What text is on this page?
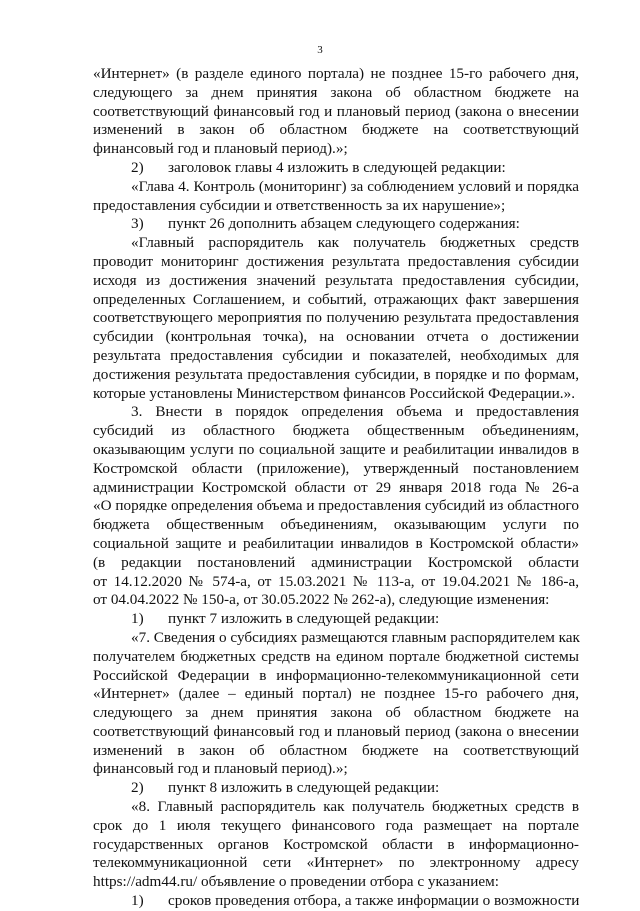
3
«Интернет» (в разделе единого портала) не позднее 15-го рабочего дня,
следующего за днем принятия закона об областном бюджете на
соответствующий финансовый год и плановый период (закона о внесении
изменений в закон об областном бюджете на соответствующий
финансовый год и плановый период).»;
2) заголовок главы 4 изложить в следующей редакции:
«Глава 4. Контроль (мониторинг) за соблюдением условий и порядка
предоставления субсидии и ответственность за их нарушение»;
3) пункт 26 дополнить абзацем следующего содержания:
«Главный распорядитель как получатель бюджетных средств
проводит мониторинг достижения результата предоставления субсидии
исходя из достижения значений результата предоставления субсидии,
определенных Соглашением, и событий, отражающих факт завершения
соответствующего мероприятия по получению результата предоставления
субсидии (контрольная точка), на основании отчета о достижении
результата предоставления субсидии и показателей, необходимых для
достижения результата предоставления субсидии, в порядке и по формам,
которые установлены Министерством финансов Российской Федерации.».
3. Внести в порядок определения объема и предоставления
субсидий из областного бюджета общественным объединениям,
оказывающим услуги по социальной защите и реабилитации инвалидов в
Костромской области (приложение), утвержденный постановлением
администрации Костромской области от 29 января 2018 года № 26-а
«О порядке определения объема и предоставления субсидий из областного
бюджета общественным объединениям, оказывающим услуги по
социальной защите и реабилитации инвалидов в Костромской области»
(в редакции постановлений администрации Костромской области
от 14.12.2020 № 574-а, от 15.03.2021 № 113-а, от 19.04.2021 № 186-а,
от 04.04.2022 № 150-а, от 30.05.2022 № 262-а), следующие изменения:
1) пункт 7 изложить в следующей редакции:
«7. Сведения о субсидиях размещаются главным распорядителем как
получателем бюджетных средств на едином портале бюджетной системы
Российской Федерации в информационно-телекоммуникационной сети
«Интернет» (далее – единый портал) не позднее 15-го рабочего дня,
следующего за днем принятия закона об областном бюджете на
соответствующий финансовый год и плановый период (закона о внесении
изменений в закон об областном бюджете на соответствующий
финансовый год и плановый период).»;
2) пункт 8 изложить в следующей редакции:
«8. Главный распорядитель как получатель бюджетных средств в
срок до 1 июля текущего финансового года размещает на портале
государственных органов Костромской области в информационно-
телекоммуникационной сети «Интернет» по электронному адресу
https://adm44.ru/ объявление о проведении отбора с указанием:
1) сроков проведения отбора, а также информации о возможности
